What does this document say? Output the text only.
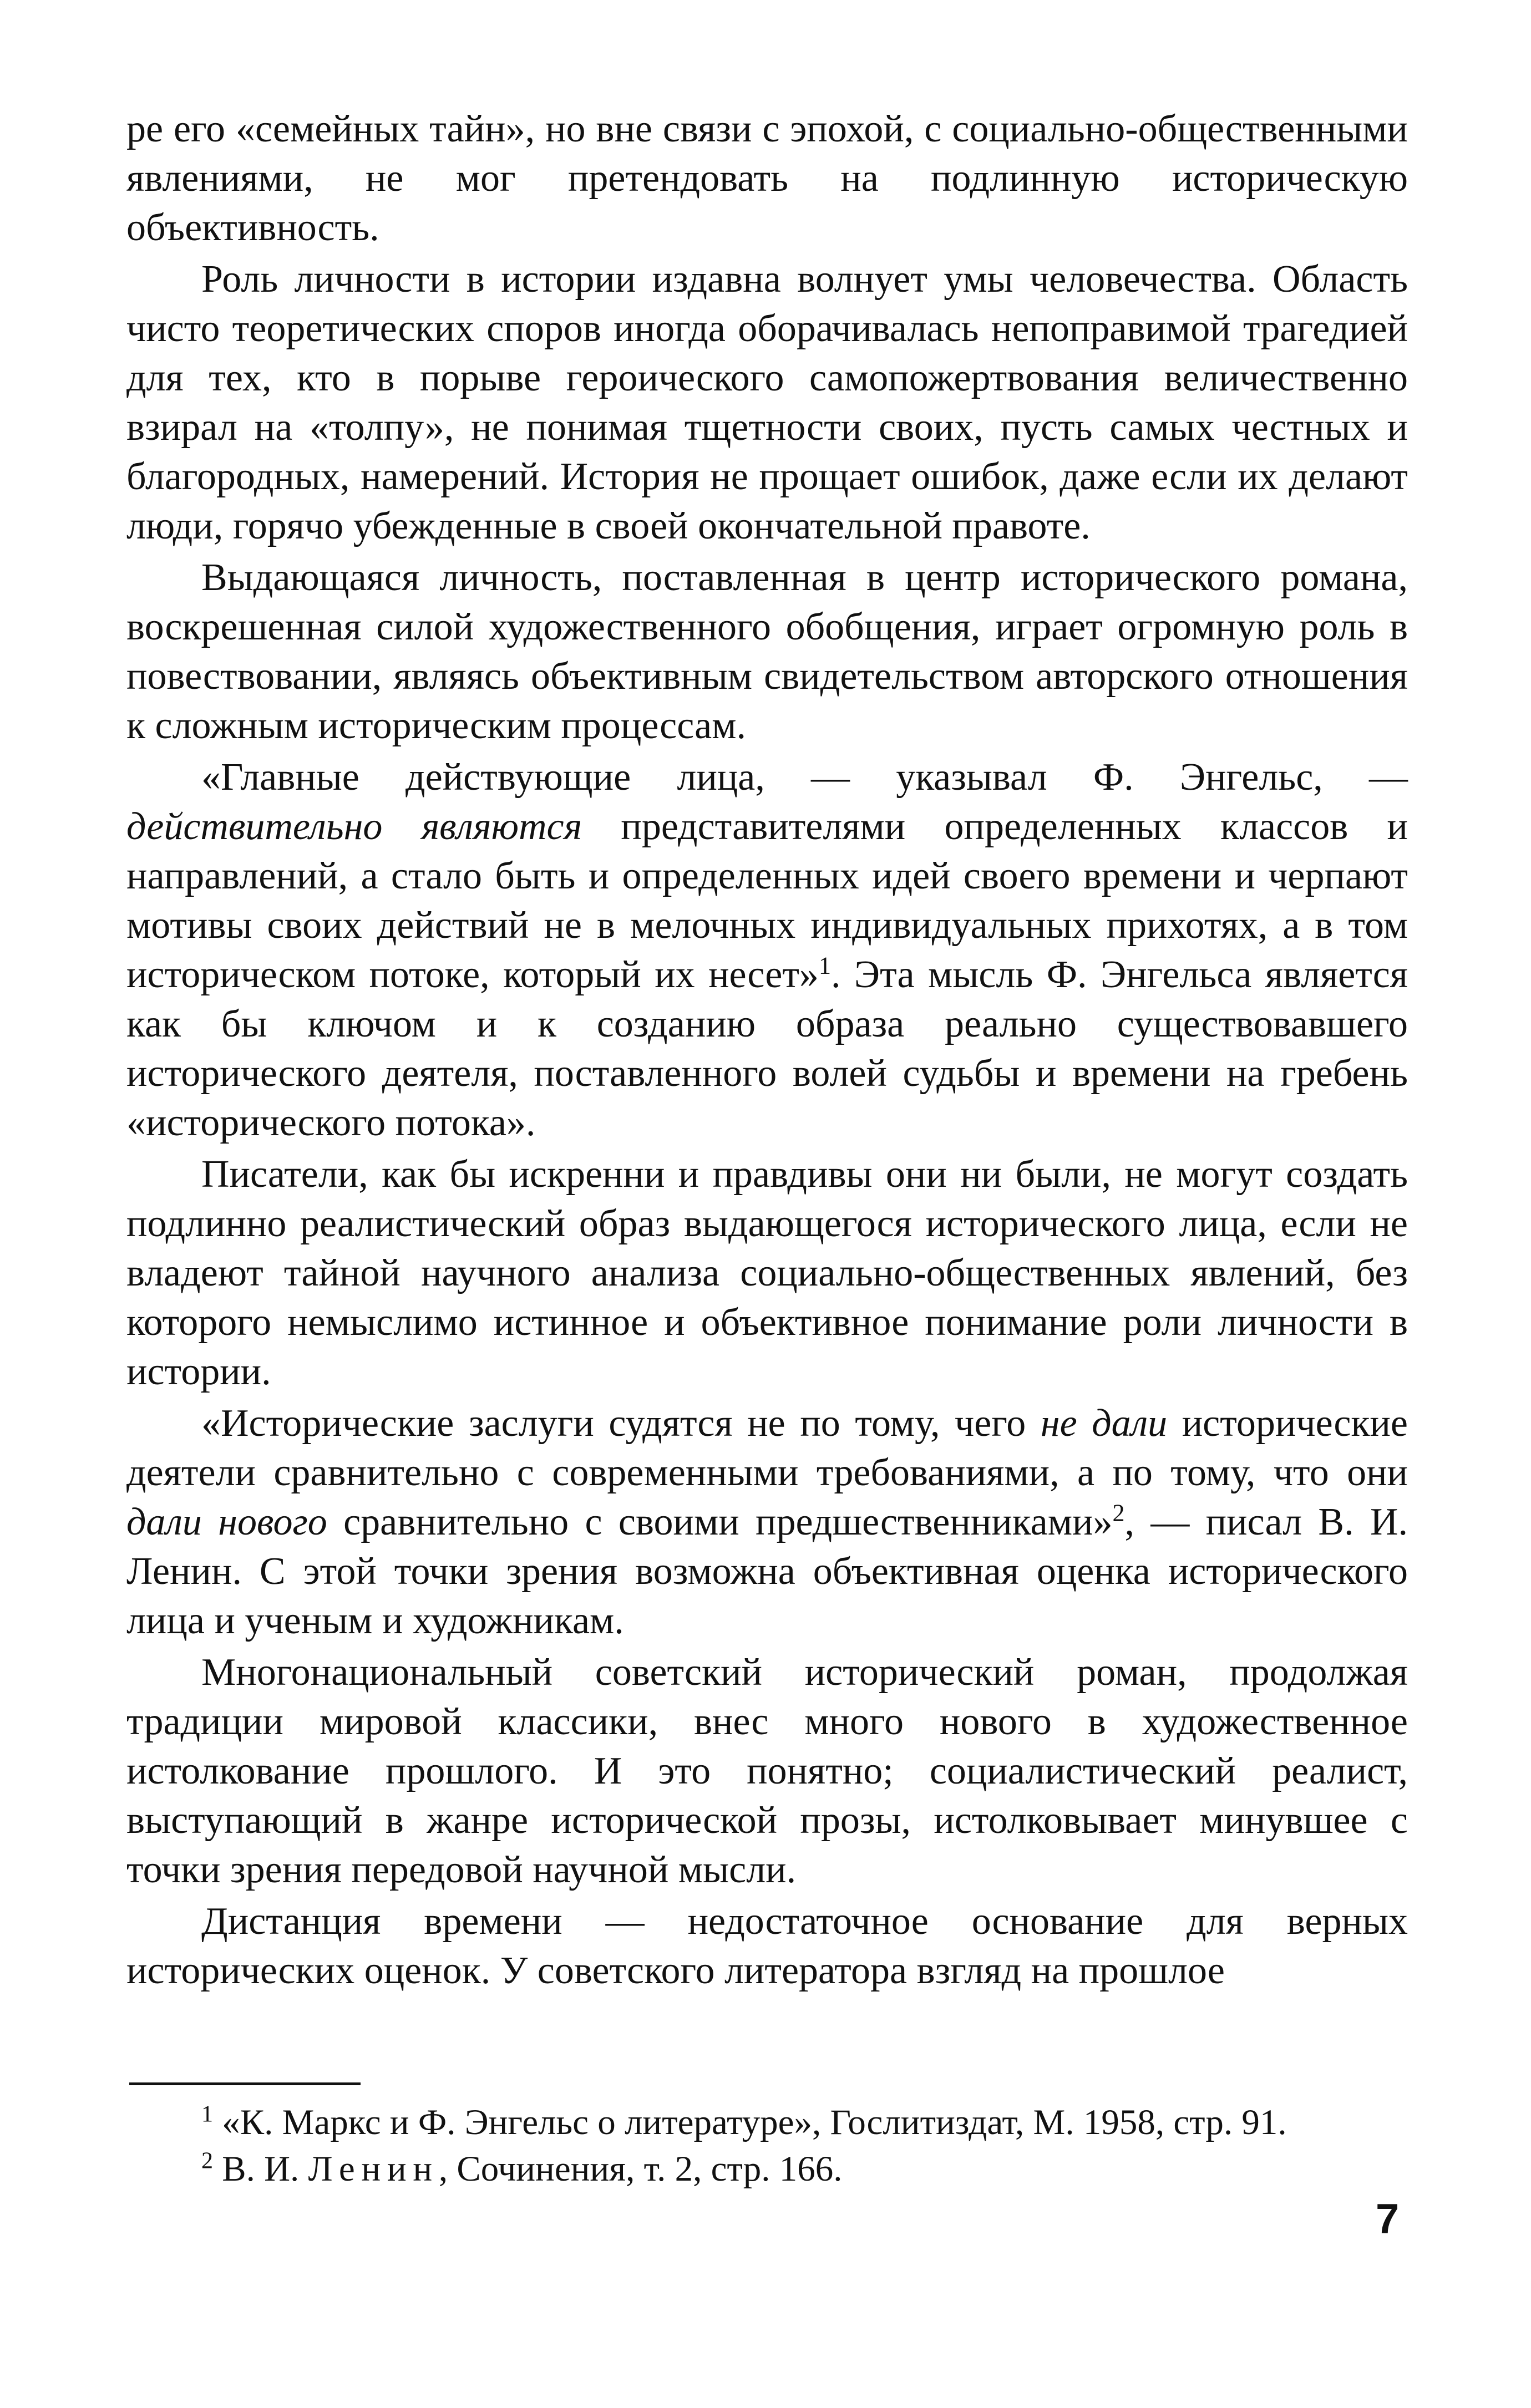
ре его «семейных тайн», но вне связи с эпохой, с социально-общественными явлениями, не мог претендовать на подлинную историческую объективность.

Роль личности в истории издавна волнует умы человечества. Область чисто теоретических споров иногда оборачивалась непоправимой трагедией для тех, кто в порыве героического самопожертвования величественно взирал на «толпу», не понимая тщетности своих, пусть самых честных и благородных, намерений. История не прощает ошибок, даже если их делают люди, горячо убежденные в своей окончательной правоте.

Выдающаяся личность, поставленная в центр исторического романа, воскрешенная силой художественного обобщения, играет огромную роль в повествовании, являясь объективным свидетельством авторского отношения к сложным историческим процессам.

«Главные действующие лица, — указывал Ф. Энгельс, — действительно являются представителями определенных классов и направлений, а стало быть и определенных идей своего времени и черпают мотивы своих действий не в мелочных индивидуальных прихотях, а в том историческом потоке, который их несет»$^1$. Эта мысль Ф. Энгельса является как бы ключом и к созданию образа реально существовавшего исторического деятеля, поставленного волей судьбы и времени на гребень «исторического потока».

Писатели, как бы искренни и правдивы они ни были, не могут создать подлинно реалистический образ выдающегося исторического лица, если не владеют тайной научного анализа социально-общественных явлений, без которого немыслимо истинное и объективное понимание роли личности в истории.

«Исторические заслуги судятся не по тому, чего не дали исторические деятели сравнительно с современными требованиями, а по тому, что они дали нового сравнительно с своими предшественниками»$^2$, — писал В. И. Ленин. С этой точки зрения возможна объективная оценка исторического лица и ученым и художникам.

Многонациональный советский исторический роман, продолжая традиции мировой классики, внес много нового в художественное истолкование прошлого. И это понятно; социалистический реалист, выступающий в жанре исторической прозы, истолковывает минувшее с точки зрения передовой научной мысли.

Дистанция времени — недостаточное основание для верных исторических оценок. У советского литератора взгляд на прошлое

$^1$ «К. Маркс и Ф. Энгельс о литературе», Гослитиздат, М. 1958, стр. 91.

$^2$ В. И. Ленин, Сочинения, т. 2, стр. 166.

7
